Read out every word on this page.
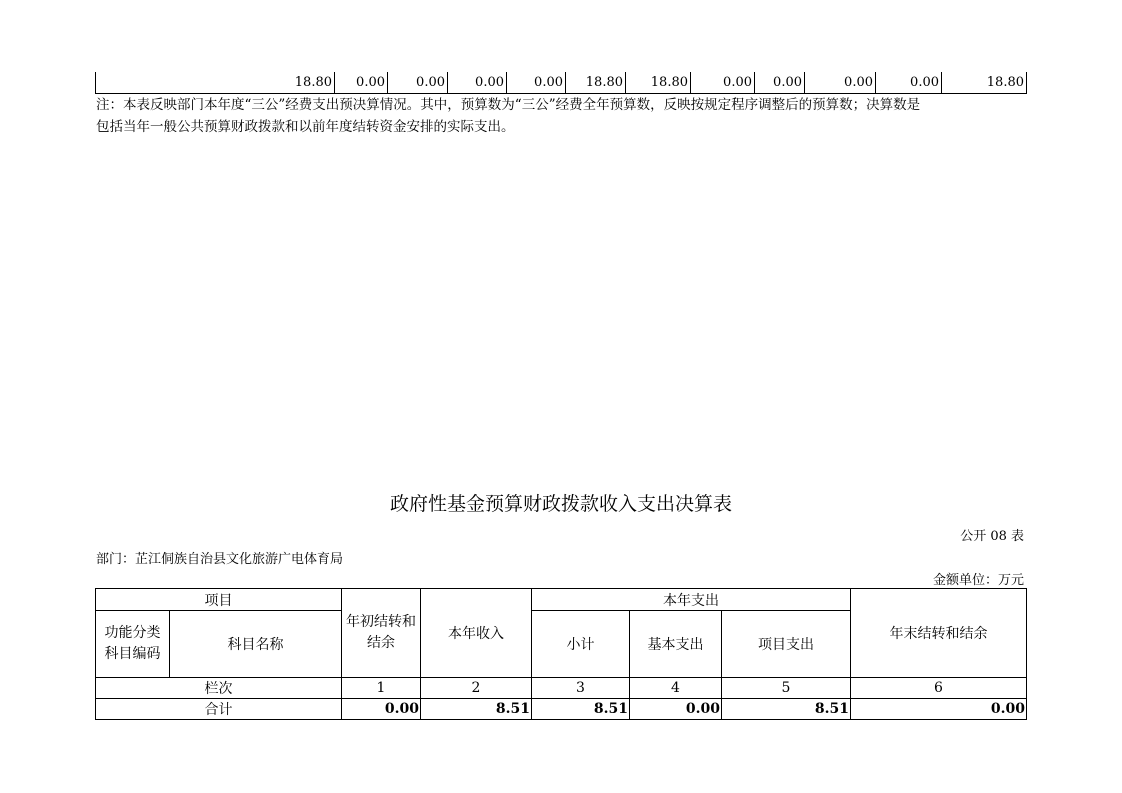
18.80	0.00	0.00	0.00	0.00	18.80	18.80	0.00	0.00	0.00	0.00	18.80
注：本表反映部门本年度“三公”经费支出预决算情况。其中，预算数为“三公”经费全年预算数，反映按规定程序调整后的预算数；决算数是
包括当年一般公共预算财政拨款和以前年度结转资金安排的实际支出。
政府性基金预算财政拨款收入支出决算表
公开 08 表
部门：芷江侗族自治县文化旅游广电体育局
金额单位：万元
项目		年初结转和结余	本年收入	本年支出			年末结转和结余

功能分类科目编码	科目名称			小计	基本支出	项目支出	
栏次		1	2	3	4	5	6
合计		0.00	8.51	8.51	0.00	8.51	0.00
